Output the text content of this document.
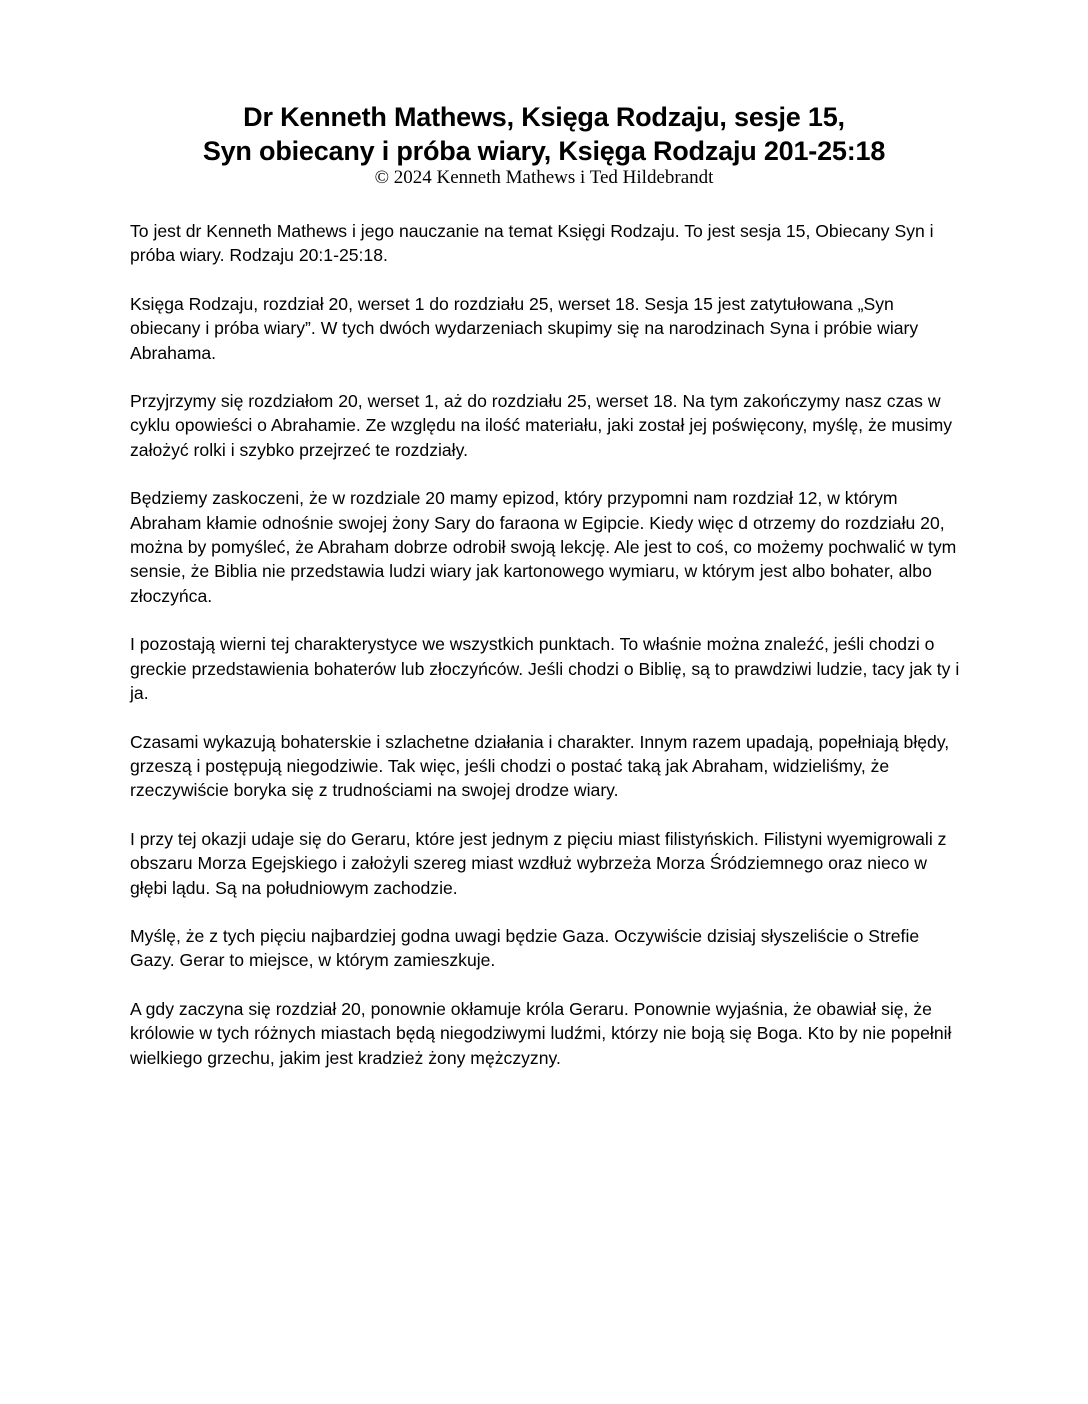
Dr Kenneth Mathews, Księga Rodzaju, sesje 15,
Syn obiecany i próba wiary, Księga Rodzaju 201-25:18

© 2024 Kenneth Mathews i Ted Hildebrandt

To jest dr Kenneth Mathews i jego nauczanie na temat Księgi Rodzaju. To jest sesja 15, Obiecany Syn i próba wiary. Rodzaju 20:1-25:18.

Księga Rodzaju, rozdział 20, werset 1 do rozdziału 25, werset 18. Sesja 15 jest zatytułowana „Syn obiecany i próba wiary”. W tych dwóch wydarzeniach skupimy się na narodzinach Syna i próbie wiary Abrahama.

Przyjrzymy się rozdziałom 20, werset 1, aż do rozdziału 25, werset 18. Na tym zakończymy nasz czas w cyklu opowieści o Abrahamie. Ze względu na ilość materiału, jaki został jej poświęcony, myślę, że musimy założyć rolki i szybko przejrzeć te rozdziały.

Będziemy zaskoczeni, że w rozdziale 20 mamy epizod, który przypomni nam rozdział 12, w którym Abraham kłamie odnośnie swojej żony Sary do faraona w Egipcie. Kiedy więc d otrzemy do rozdziału 20, można by pomyśleć, że Abraham dobrze odrobił swoją lekcję. Ale jest to coś, co możemy pochwalić w tym sensie, że Biblia nie przedstawia ludzi wiary jak kartonowego wymiaru, w którym jest albo bohater, albo złoczyńca.

I pozostają wierni tej charakterystyce we wszystkich punktach. To właśnie można znaleźć, jeśli chodzi o greckie przedstawienia bohaterów lub złoczyńców. Jeśli chodzi o Biblię, są to prawdziwi ludzie, tacy jak ty i ja.

Czasami wykazują bohaterskie i szlachetne działania i charakter. Innym razem upadają, popełniają błędy, grzeszą i postępują niegodziwie. Tak więc, jeśli chodzi o postać taką jak Abraham, widzieliśmy, że rzeczywiście boryka się z trudnościami na swojej drodze wiary.

I przy tej okazji udaje się do Geraru, które jest jednym z pięciu miast filistyńskich. Filistyni wyemigrowali z obszaru Morza Egejskiego i założyli szereg miast wzdłuż wybrzeża Morza Śródziemnego oraz nieco w głębi lądu. Są na południowym zachodzie.

Myślę, że z tych pięciu najbardziej godna uwagi będzie Gaza. Oczywiście dzisiaj słyszeliście o Strefie Gazy. Gerar to miejsce, w którym zamieszkuje.

A gdy zaczyna się rozdział 20, ponownie okłamuje króla Geraru. Ponownie wyjaśnia, że obawiał się, że królowie w tych różnych miastach będą niegodziwymi ludźmi, którzy nie boją się Boga. Kto by nie popełnił wielkiego grzechu, jakim jest kradzież żony mężczyzny.
